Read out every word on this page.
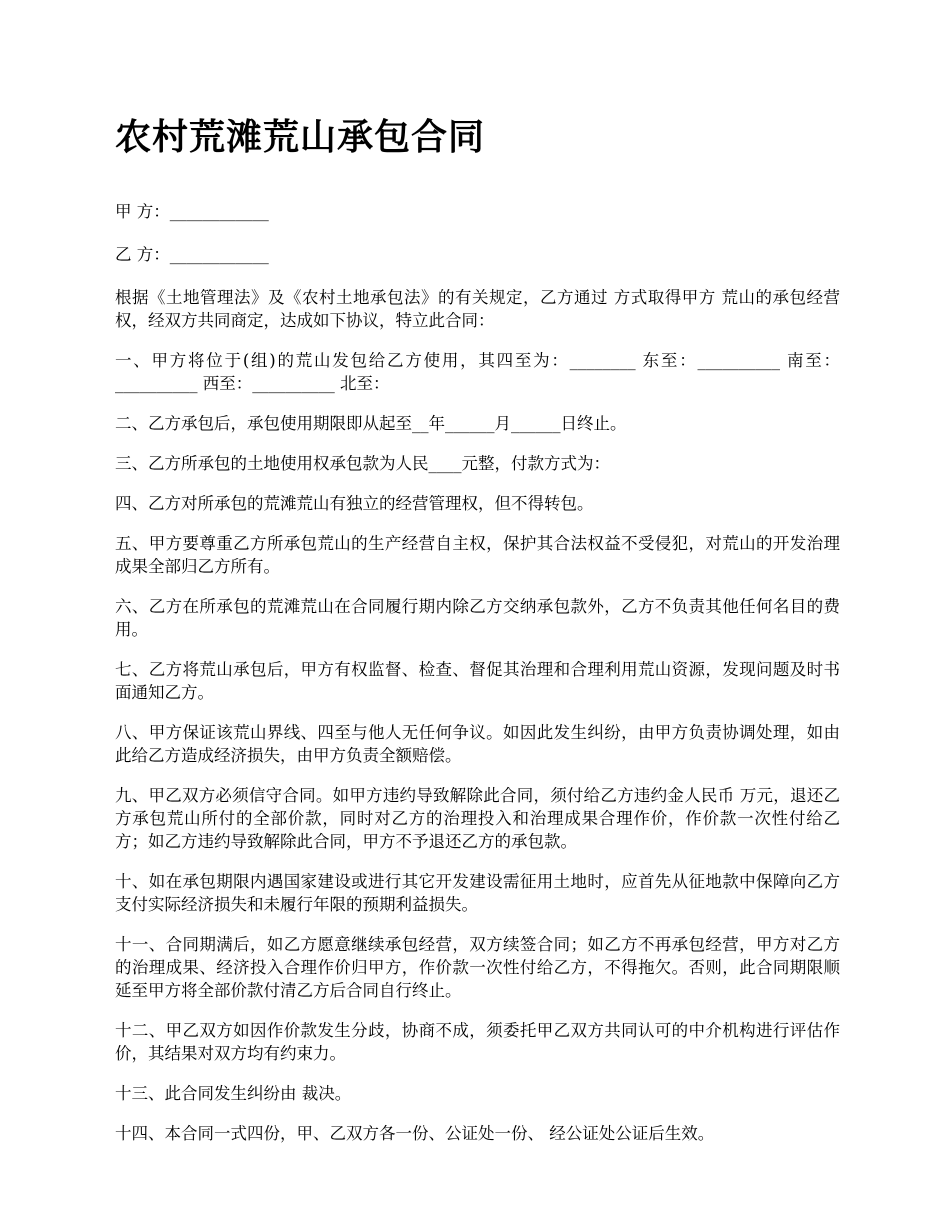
农村荒滩荒山承包合同

甲 方：____________

乙 方：____________

根据《土地管理法》及《农村土地承包法》的有关规定，乙方通过 方式取得甲方 荒山的承包经营权，经双方共同商定，达成如下协议，特立此合同：

一、甲方将位于(组)的荒山发包给乙方使用，其四至为：________ 东至：__________ 南至：__________ 西至：__________ 北至：

二、乙方承包后，承包使用期限即从起至__年______月______日终止。

三、乙方所承包的土地使用权承包款为人民____元整，付款方式为：

四、乙方对所承包的荒滩荒山有独立的经营管理权，但不得转包。

五、甲方要尊重乙方所承包荒山的生产经营自主权，保护其合法权益不受侵犯，对荒山的开发治理成果全部归乙方所有。

六、乙方在所承包的荒滩荒山在合同履行期内除乙方交纳承包款外，乙方不负责其他任何名目的费用。

七、乙方将荒山承包后，甲方有权监督、检查、督促其治理和合理利用荒山资源，发现问题及时书面通知乙方。

八、甲方保证该荒山界线、四至与他人无任何争议。如因此发生纠纷，由甲方负责协调处理，如由此给乙方造成经济损失，由甲方负责全额赔偿。

九、甲乙双方必须信守合同。如甲方违约导致解除此合同，须付给乙方违约金人民币 万元，退还乙方承包荒山所付的全部价款，同时对乙方的治理投入和治理成果合理作价，作价款一次性付给乙方；如乙方违约导致解除此合同，甲方不予退还乙方的承包款。

十、如在承包期限内遇国家建设或进行其它开发建设需征用土地时，应首先从征地款中保障向乙方支付实际经济损失和未履行年限的预期利益损失。

十一、合同期满后，如乙方愿意继续承包经营，双方续签合同；如乙方不再承包经营，甲方对乙方的治理成果、经济投入合理作价归甲方，作价款一次性付给乙方，不得拖欠。否则，此合同期限顺延至甲方将全部价款付清乙方后合同自行终止。

十二、甲乙双方如因作价款发生分歧，协商不成，须委托甲乙双方共同认可的中介机构进行评估作价，其结果对双方均有约束力。

十三、此合同发生纠纷由 裁决。

十四、本合同一式四份，甲、乙双方各一份、公证处一份、 经公证处公证后生效。
